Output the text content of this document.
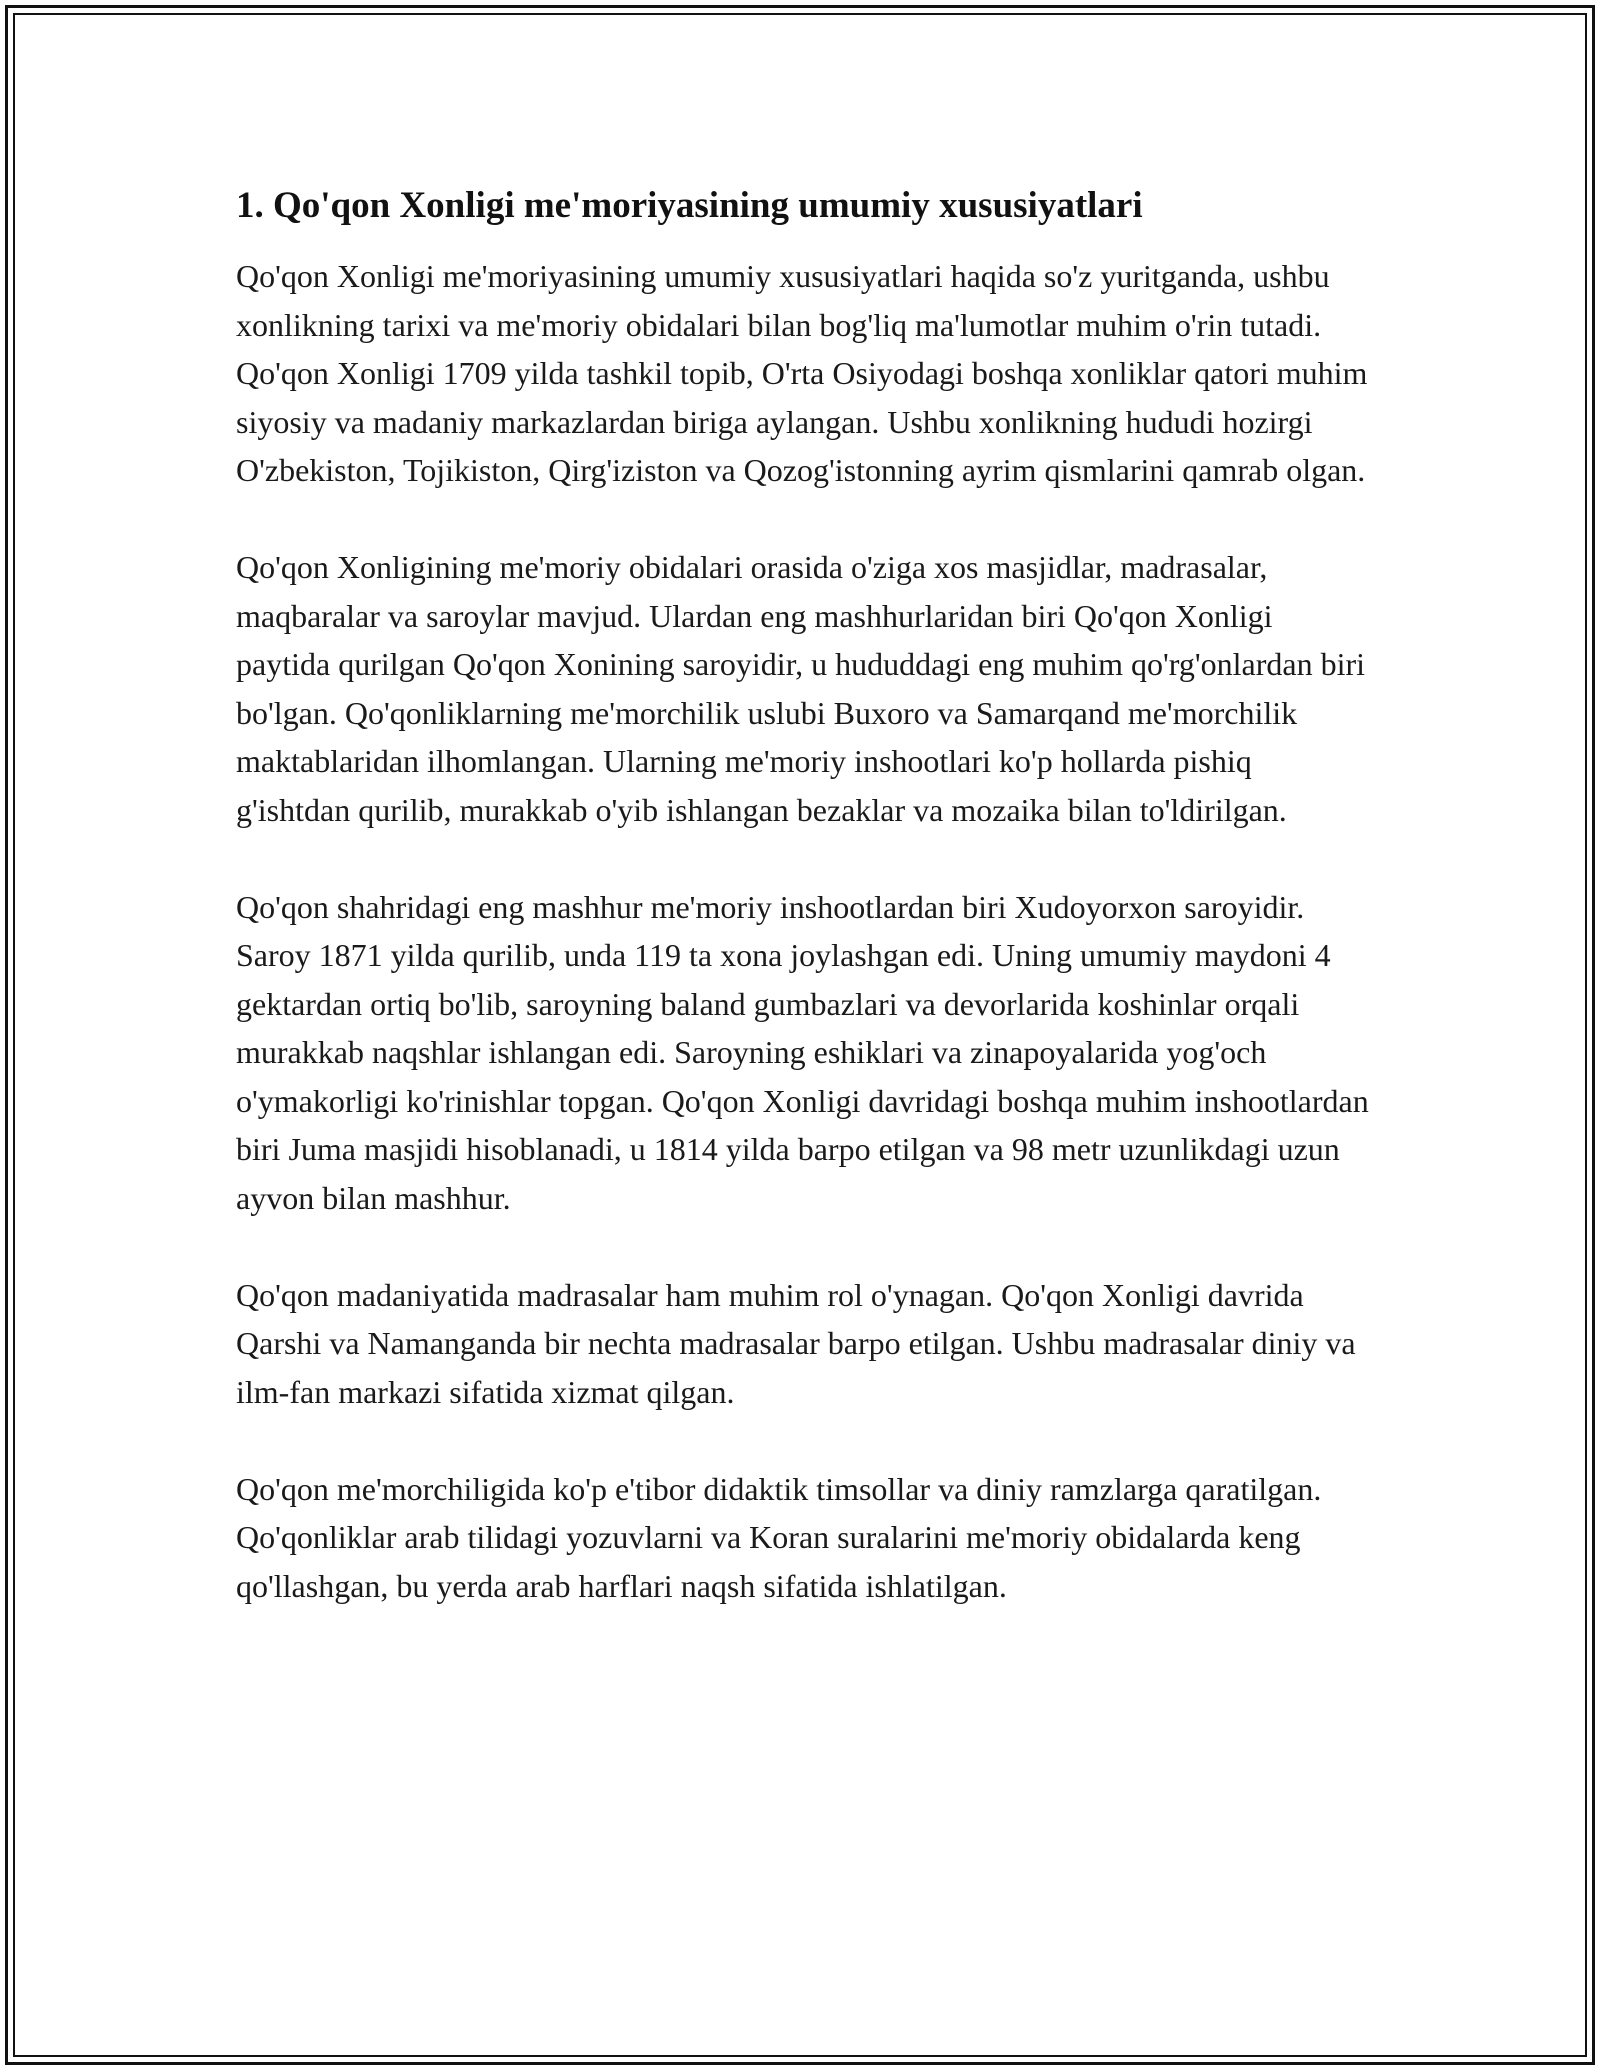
1. Qo'qon Xonligi me'moriyasining umumiy xususiyatlari

Qo'qon Xonligi me'moriyasining umumiy xususiyatlari haqida so'z yuritganda, ushbu xonlikning tarixi va me'moriy obidalari bilan bog'liq ma'lumotlar muhim o'rin tutadi. Qo'qon Xonligi 1709 yilda tashkil topib, O'rta Osiyodagi boshqa xonliklar qatori muhim siyosiy va madaniy markazlardan biriga aylangan. Ushbu xonlikning hududi hozirgi O'zbekiston, Tojikiston, Qirg'iziston va Qozog'istonning ayrim qismlarini qamrab olgan.

Qo'qon Xonligining me'moriy obidalari orasida o'ziga xos masjidlar, madrasalar, maqbaralar va saroylar mavjud. Ulardan eng mashhurlaridan biri Qo'qon Xonligi paytida qurilgan Qo'qon Xonining saroyidir, u hududdagi eng muhim qo'rg'onlardan biri bo'lgan. Qo'qonliklarning me'morchilik uslubi Buxoro va Samarqand me'morchilik maktablaridan ilhomlangan. Ularning me'moriy inshootlari ko'p hollarda pishiq g'ishtdan qurilib, murakkab o'yib ishlangan bezaklar va mozaika bilan to'ldirilgan.

Qo'qon shahridagi eng mashhur me'moriy inshootlardan biri Xudoyorxon saroyidir. Saroy 1871 yilda qurilib, unda 119 ta xona joylashgan edi. Uning umumiy maydoni 4 gektardan ortiq bo'lib, saroyning baland gumbazlari va devorlarida koshinlar orqali murakkab naqshlar ishlangan edi. Saroyning eshiklari va zinapoyalarida yog'och o'ymakorligi ko'rinishlar topgan. Qo'qon Xonligi davridagi boshqa muhim inshootlardan biri Juma masjidi hisoblanadi, u 1814 yilda barpo etilgan va 98 metr uzunlikdagi uzun ayvon bilan mashhur.

Qo'qon madaniyatida madrasalar ham muhim rol o'ynagan. Qo'qon Xonligi davrida Qarshi va Namanganda bir nechta madrasalar barpo etilgan. Ushbu madrasalar diniy va ilm-fan markazi sifatida xizmat qilgan.

Qo'qon me'morchiligida ko'p e'tibor didaktik timsollar va diniy ramzlarga qaratilgan. Qo'qonliklar arab tilidagi yozuvlarni va Koran suralarini me'moriy obidalarda keng qo'llashgan, bu yerda arab harflari naqsh sifatida ishlatilgan.
